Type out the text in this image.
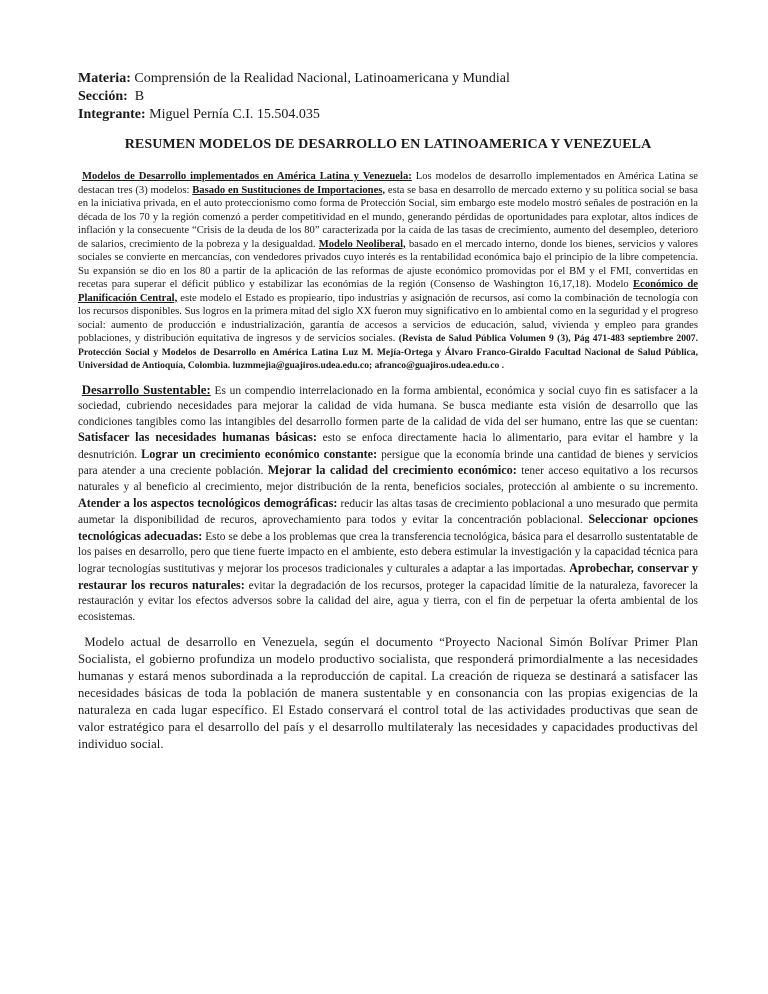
Materia: Comprensión de la Realidad Nacional, Latinoamericana y Mundial
Sección: B
Integrante: Miguel Pernía C.I. 15.504.035
RESUMEN MODELOS DE DESARROLLO EN LATINOAMERICA Y VENEZUELA
Modelos de Desarrollo implementados en América Latina y Venezuela: Los modelos de desarrollo implementados en América Latina se destacan tres (3) modelos: Basado en Sustituciones de Importaciones, esta se basa en desarrollo de mercado externo y su política social se basa en la iniciativa privada, en el auto proteccionismo como forma de Protección Social, sim embargo este modelo mostró señales de postración en la década de los 70 y la región comenzó a perder competitividad en el mundo, generando pérdidas de oportunidades para explotar, altos índices de inflación y la consecuente “Crisis de la deuda de los 80” caracterizada por la caída de las tasas de crecimiento, aumento del desempleo, deterioro de salarios, crecimiento de la pobreza y la desigualdad. Modelo Neoliberal, basado en el mercado interno, donde los bienes, servicios y valores sociales se convierte en mercancías, con vendedores privados cuyo interés es la rentabilidad económica bajo el principio de la libre competencia. Su expansión se dio en los 80 a partir de la aplicación de las reformas de ajuste económico promovidas por el BM y el FMI, convertidas en recetas para superar el déficit público y estabilizar las económias de la región (Consenso de Washington 16,17,18). Modelo Económico de Planificación Central, este modelo el Estado es propiearío, tipo industrias y asignación de recursos, así como la combinación de tecnología con los recursos disponibles. Sus logros en la primera mitad del siglo XX fueron muy significativo en lo ambiental como en la seguridad y el progreso social: aumento de producción e industrialización, garantía de accesos a servicios de educación, salud, vivienda y empleo para grandes poblaciones, y distribución equitativa de ingresos y de servicios sociales. (Revista de Salud Pública Volumen 9 (3), Pág 471-483 septiembre 2007. Protección Social y Modelos de Desarrollo en América Latina Luz M. Mejía-Ortega y Álvaro Franco-Giraldo Facultad Nacional de Salud Pública, Universidad de Antioquía, Colombia. luzmmejia@guajiros.udea.edu.co; afranco@guajiros.udea.edu.co .
Desarrollo Sustentable: Es un compendio interrelacionado en la forma ambiental, económica y social cuyo fin es satisfacer a la sociedad, cubriendo necesidades para mejorar la calidad de vida humana. Se busca mediante esta visión de desarrollo que las condiciones tangibles como las intangibles del desarrollo formen parte de la calidad de vida del ser humano, entre las que se cuentan: Satisfacer las necesidades humanas básicas: esto se enfoca directamente hacia lo alimentario, para evitar el hambre y la desnutrición. Lograr un crecimiento económico constante: persigue que la economía brinde una cantidad de bienes y servicios para atender a una creciente población. Mejorar la calidad del crecimiento económico: tener acceso equitativo a los recursos naturales y al beneficio al crecimiento, mejor distribución de la renta, beneficios sociales, protección al ambiente o su incremento. Atender a los aspectos tecnológicos demográficas: reducir las altas tasas de crecimiento poblacional a uno mesurado que permita aumetar la disponibilidad de recuros, aprovechamiento para todos y evitar la concentración poblacional. Seleccionar opciones tecnológicas adecuadas: Esto se debe a los problemas que crea la transferencia tecnológica, básica para el desarrollo sustentatable de los paises en desarrollo, pero que tiene fuerte impacto en el ambiente, esto debera estimular la investigación y la capacidad técnica para lograr tecnologías sustitutivas y mejorar los procesos tradicionales y culturales a adaptar a las importadas. Aprobechar, conservar y restaurar los recuros naturales: evitar la degradación de los recursos, proteger la capacidad límitie de la naturaleza, favorecer la restauración y evitar los efectos adversos sobre la calidad del aire, agua y tierra, con el fin de perpetuar la oferta ambiental de los ecosistemas.
Modelo actual de desarrollo en Venezuela, según el documento “Proyecto Nacional Simón Bolívar Primer Plan Socialista, el gobierno profundiza un modelo productivo socialista, que responderá primordialmente a las necesidades humanas y estará menos subordinada a la reproducción de capital. La creación de riqueza se destinará a satisfacer las necesidades básicas de toda la población de manera sustentable y en consonancia con las propias exigencias de la naturaleza en cada lugar específico. El Estado conservará el control total de las actividades productivas que sean de valor estratégico para el desarrollo del país y el desarrollo multilateraly las necesidades y capacidades productivas del individuo social.
